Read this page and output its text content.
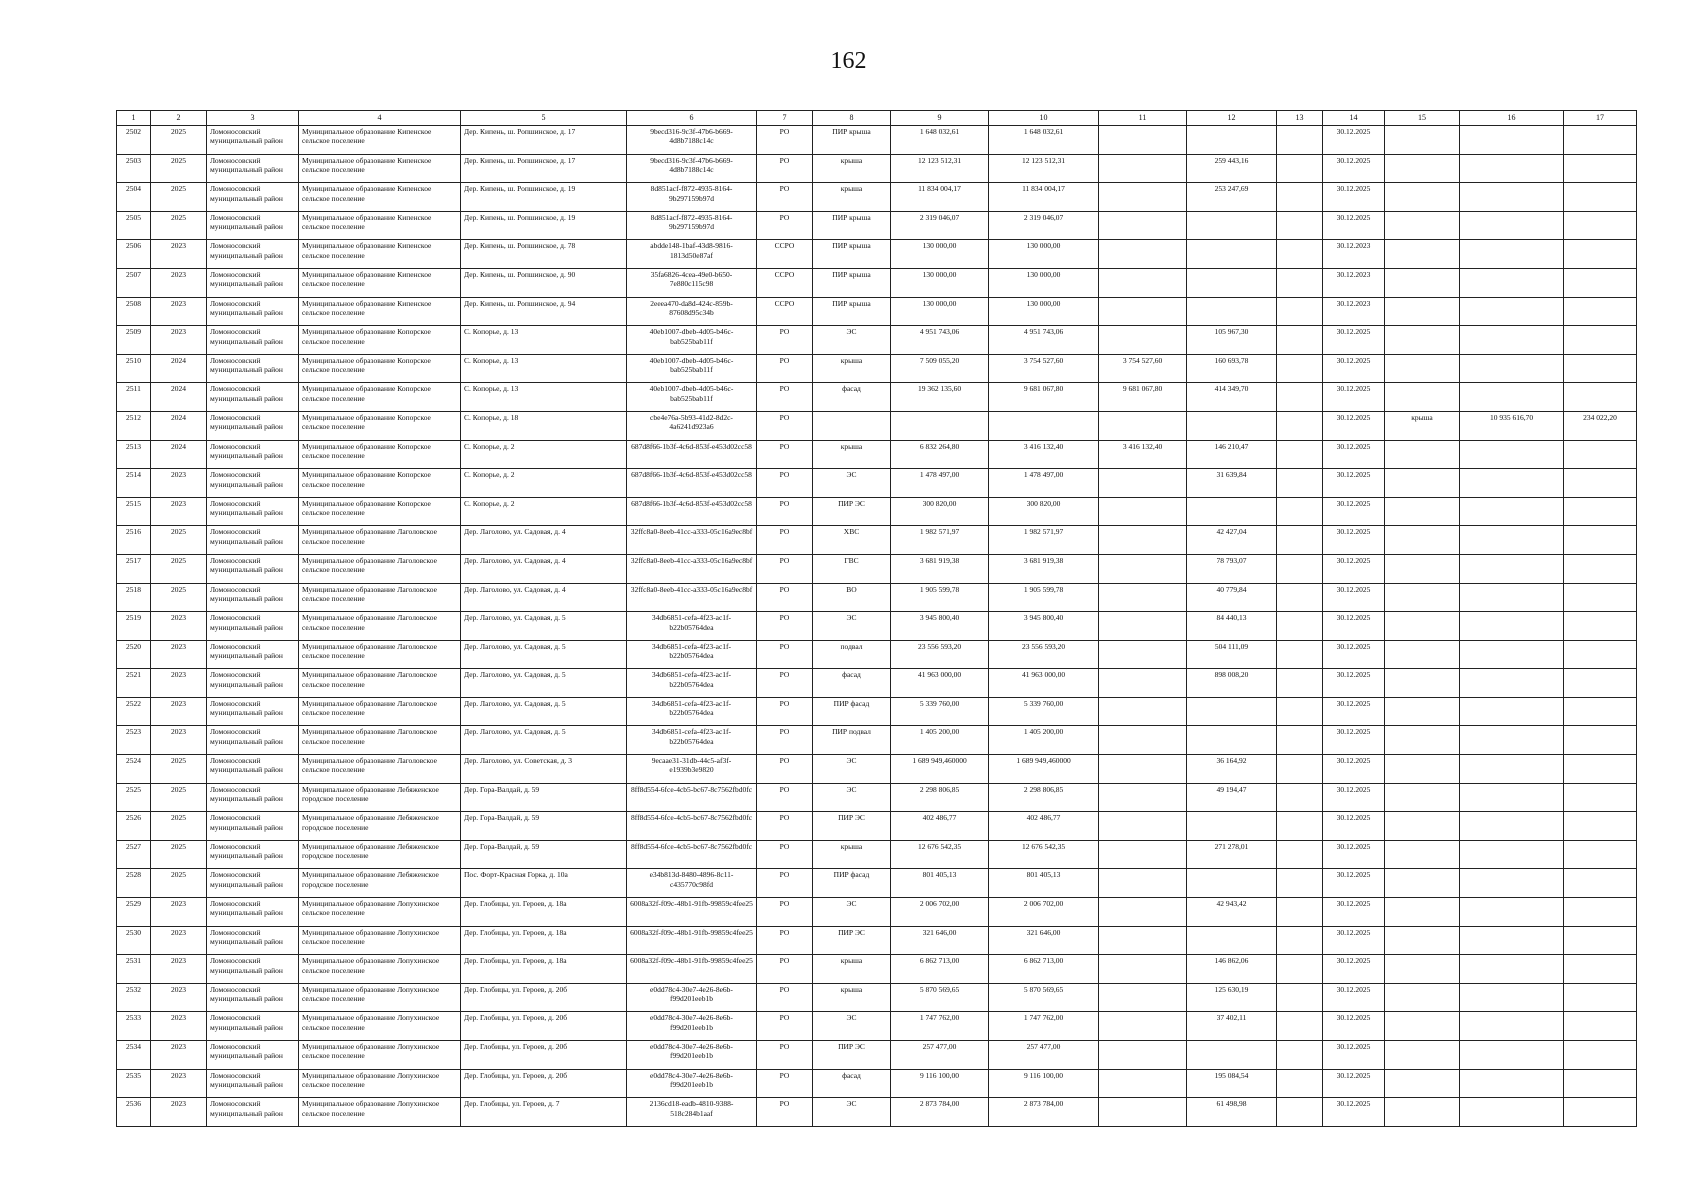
162
1	2	3	4	5	6	7	8	9	10	11	12	13	14	15	16	17
2502	2025	Ломоносовский муниципальный район	Муниципальное образование Кипенское сельское поселение	Дер. Кипень, ш. Ропшинское, д. 17	9becd316-9c3f-47b6-b669-4d8b7188c14c	РО	ПИР крыша	1 648 032,61	1 648 032,61				30.12.2025			
2503	2025	Ломоносовский муниципальный район	Муниципальное образование Кипенское сельское поселение	Дер. Кипень, ш. Ропшинское, д. 17	9becd316-9c3f-47b6-b669-4d8b7188c14c	РО	крыша	12 123 512,31	12 123 512,31		259 443,16		30.12.2025			
2504	2025	Ломоносовский муниципальный район	Муниципальное образование Кипенское сельское поселение	Дер. Кипень, ш. Ропшинское, д. 19	8d851acf-f872-4935-8164-9b297159b97d	РО	крыша	11 834 004,17	11 834 004,17		253 247,69		30.12.2025			
2505	2025	Ломоносовский муниципальный район	Муниципальное образование Кипенское сельское поселение	Дер. Кипень, ш. Ропшинское, д. 19	8d851acf-f872-4935-8164-9b297159b97d	РО	ПИР крыша	2 319 046,07	2 319 046,07				30.12.2025			
2506	2023	Ломоносовский муниципальный район	Муниципальное образование Кипенское сельское поселение	Дер. Кипень, ш. Ропшинское, д. 78	abdde148-1baf-43d8-9816-1813d50e87af	ССРО	ПИР крыша	130 000,00	130 000,00				30.12.2023			
2507	2023	Ломоносовский муниципальный район	Муниципальное образование Кипенское сельское поселение	Дер. Кипень, ш. Ропшинское, д. 90	35fa6826-4cea-49e0-b650-7e880c115c98	ССРО	ПИР крыша	130 000,00	130 000,00				30.12.2023			
2508	2023	Ломоносовский муниципальный район	Муниципальное образование Кипенское сельское поселение	Дер. Кипень, ш. Ропшинское, д. 94	2eeea470-da8d-424c-859b-87608d95c34b	ССРО	ПИР крыша	130 000,00	130 000,00				30.12.2023			
2509	2023	Ломоносовский муниципальный район	Муниципальное образование Копорское сельское поселение	С. Копорье, д. 13	40eb1007-dbeb-4d05-b46c-bab525bab11f	РО	ЭС	4 951 743,06	4 951 743,06		105 967,30		30.12.2025			
2510	2024	Ломоносовский муниципальный район	Муниципальное образование Копорское сельское поселение	С. Копорье, д. 13	40eb1007-dbeb-4d05-b46c-bab525bab11f	РО	крыша	7 509 055,20	3 754 527,60	3 754 527,60	160 693,78		30.12.2025			
2511	2024	Ломоносовский муниципальный район	Муниципальное образование Копорское сельское поселение	С. Копорье, д. 13	40eb1007-dbeb-4d05-b46c-bab525bab11f	РО	фасад	19 362 135,60	9 681 067,80	9 681 067,80	414 349,70		30.12.2025			
2512	2024	Ломоносовский муниципальный район	Муниципальное образование Копорское сельское поселение	С. Копорье, д. 18	cbe4e76a-5b93-41d2-8d2c-4a6241d923a6	РО							30.12.2025	крыша	10 935 616,70	234 022,20
2513	2024	Ломоносовский муниципальный район	Муниципальное образование Копорское сельское поселение	С. Копорье, д. 2	687d8f66-1b3f-4c6d-853f-e453d02cc58	РО	крыша	6 832 264,80	3 416 132,40	3 416 132,40	146 210,47		30.12.2025			
2514	2023	Ломоносовский муниципальный район	Муниципальное образование Копорское сельское поселение	С. Копорье, д. 2	687d8f66-1b3f-4c6d-853f-e453d02cc58	РО	ЭС	1 478 497,00	1 478 497,00		31 639,84		30.12.2025			
2515	2023	Ломоносовский муниципальный район	Муниципальное образование Копорское сельское поселение	С. Копорье, д. 2	687d8f66-1b3f-4c6d-853f-e453d02cc58	РО	ПИР ЭС	300 820,00	300 820,00				30.12.2025			
2516	2025	Ломоносовский муниципальный район	Муниципальное образование Лаголовское сельское поселение	Дер. Лаголово, ул. Садовая, д. 4	32ffc8a0-8eeb-41cc-a333-05c16a9ec8bf	РО	ХВС	1 982 571,97	1 982 571,97		42 427,04		30.12.2025			
2517	2025	Ломоносовский муниципальный район	Муниципальное образование Лаголовское сельское поселение	Дер. Лаголово, ул. Садовая, д. 4	32ffc8a0-8eeb-41cc-a333-05c16a9ec8bf	РО	ГВС	3 681 919,38	3 681 919,38		78 793,07		30.12.2025			
2518	2025	Ломоносовский муниципальный район	Муниципальное образование Лаголовское сельское поселение	Дер. Лаголово, ул. Садовая, д. 4	32ffc8a0-8eeb-41cc-a333-05c16a9ec8bf	РО	ВО	1 905 599,78	1 905 599,78		40 779,84		30.12.2025			
2519	2023	Ломоносовский муниципальный район	Муниципальное образование Лаголовское сельское поселение	Дер. Лаголово, ул. Садовая, д. 5	34db6851-cefa-4f23-ac1f-b22b05764dea	РО	ЭС	3 945 800,40	3 945 800,40		84 440,13		30.12.2025			
2520	2023	Ломоносовский муниципальный район	Муниципальное образование Лаголовское сельское поселение	Дер. Лаголово, ул. Садовая, д. 5	34db6851-cefa-4f23-ac1f-b22b05764dea	РО	подвал	23 556 593,20	23 556 593,20		504 111,09		30.12.2025			
2521	2023	Ломоносовский муниципальный район	Муниципальное образование Лаголовское сельское поселение	Дер. Лаголово, ул. Садовая, д. 5	34db6851-cefa-4f23-ac1f-b22b05764dea	РО	фасад	41 963 000,00	41 963 000,00		898 008,20		30.12.2025			
2522	2023	Ломоносовский муниципальный район	Муниципальное образование Лаголовское сельское поселение	Дер. Лаголово, ул. Садовая, д. 5	34db6851-cefa-4f23-ac1f-b22b05764dea	РО	ПИР фасад	5 339 760,00	5 339 760,00				30.12.2025			
2523	2023	Ломоносовский муниципальный район	Муниципальное образование Лаголовское сельское поселение	Дер. Лаголово, ул. Садовая, д. 5	34db6851-cefa-4f23-ac1f-b22b05764dea	РО	ПИР подвал	1 405 200,00	1 405 200,00				30.12.2025			
2524	2025	Ломоносовский муниципальный район	Муниципальное образование Лаголовское сельское поселение	Дер. Лаголово, ул. Советская, д. 3	9ecaae31-31db-44c5-af3f-e1939b3e9820	РО	ЭС	1 689 949,460000	1 689 949,460000		36 164,92		30.12.2025			
2525	2025	Ломоносовский муниципальный район	Муниципальное образование Лебяженское городское поселение	Дер. Гора-Валдай, д. 59	8ff8d554-6fce-4cb5-bc67-8c7562fbd0fc	РО	ЭС	2 298 806,85	2 298 806,85		49 194,47		30.12.2025			
2526	2025	Ломоносовский муниципальный район	Муниципальное образование Лебяженское городское поселение	Дер. Гора-Валдай, д. 59	8ff8d554-6fce-4cb5-bc67-8c7562fbd0fc	РО	ПИР ЭС	402 486,77	402 486,77				30.12.2025			
2527	2025	Ломоносовский муниципальный район	Муниципальное образование Лебяженское городское поселение	Дер. Гора-Валдай, д. 59	8ff8d554-6fce-4cb5-bc67-8c7562fbd0fc	РО	крыша	12 676 542,35	12 676 542,35		271 278,01		30.12.2025			
2528	2025	Ломоносовский муниципальный район	Муниципальное образование Лебяженское городское поселение	Пос. Форт-Красная Горка, д. 10а	e34b813d-8480-4896-8c11-c435770c98fd	РО	ПИР фасад	801 405,13	801 405,13				30.12.2025			
2529	2023	Ломоносовский муниципальный район	Муниципальное образование Лопухинское сельское поселение	Дер. Глобицы, ул. Героев, д. 18а	6008a32f-f09c-48b1-91fb-99859c4fee25	РО	ЭС	2 006 702,00	2 006 702,00		42 943,42		30.12.2025			
2530	2023	Ломоносовский муниципальный район	Муниципальное образование Лопухинское сельское поселение	Дер. Глобицы, ул. Героев, д. 18а	6008a32f-f09c-48b1-91fb-99859c4fee25	РО	ПИР ЭС	321 646,00	321 646,00				30.12.2025			
2531	2023	Ломоносовский муниципальный район	Муниципальное образование Лопухинское сельское поселение	Дер. Глобицы, ул. Героев, д. 18а	6008a32f-f09c-48b1-91fb-99859c4fee25	РО	крыша	6 862 713,00	6 862 713,00		146 862,06		30.12.2025			
2532	2023	Ломоносовский муниципальный район	Муниципальное образование Лопухинское сельское поселение	Дер. Глобицы, ул. Героев, д. 20б	e0dd78c4-30e7-4e26-8e6b-f99d201eeb1b	РО	крыша	5 870 569,65	5 870 569,65		125 630,19		30.12.2025			
2533	2023	Ломоносовский муниципальный район	Муниципальное образование Лопухинское сельское поселение	Дер. Глобицы, ул. Героев, д. 20б	e0dd78c4-30e7-4e26-8e6b-f99d201eeb1b	РО	ЭС	1 747 762,00	1 747 762,00		37 402,11		30.12.2025			
2534	2023	Ломоносовский муниципальный район	Муниципальное образование Лопухинское сельское поселение	Дер. Глобицы, ул. Героев, д. 20б	e0dd78c4-30e7-4e26-8e6b-f99d201eeb1b	РО	ПИР ЭС	257 477,00	257 477,00				30.12.2025			
2535	2023	Ломоносовский муниципальный район	Муниципальное образование Лопухинское сельское поселение	Дер. Глобицы, ул. Героев, д. 20б	e0dd78c4-30e7-4e26-8e6b-f99d201eeb1b	РО	фасад	9 116 100,00	9 116 100,00		195 084,54		30.12.2025			
2536	2023	Ломоносовский муниципальный район	Муниципальное образование Лопухинское сельское поселение	Дер. Глобицы, ул. Героев, д. 7	2136cd18-eadb-4810-9388-518c284b1aaf	РО	ЭС	2 873 784,00	2 873 784,00		61 498,98		30.12.2025			
